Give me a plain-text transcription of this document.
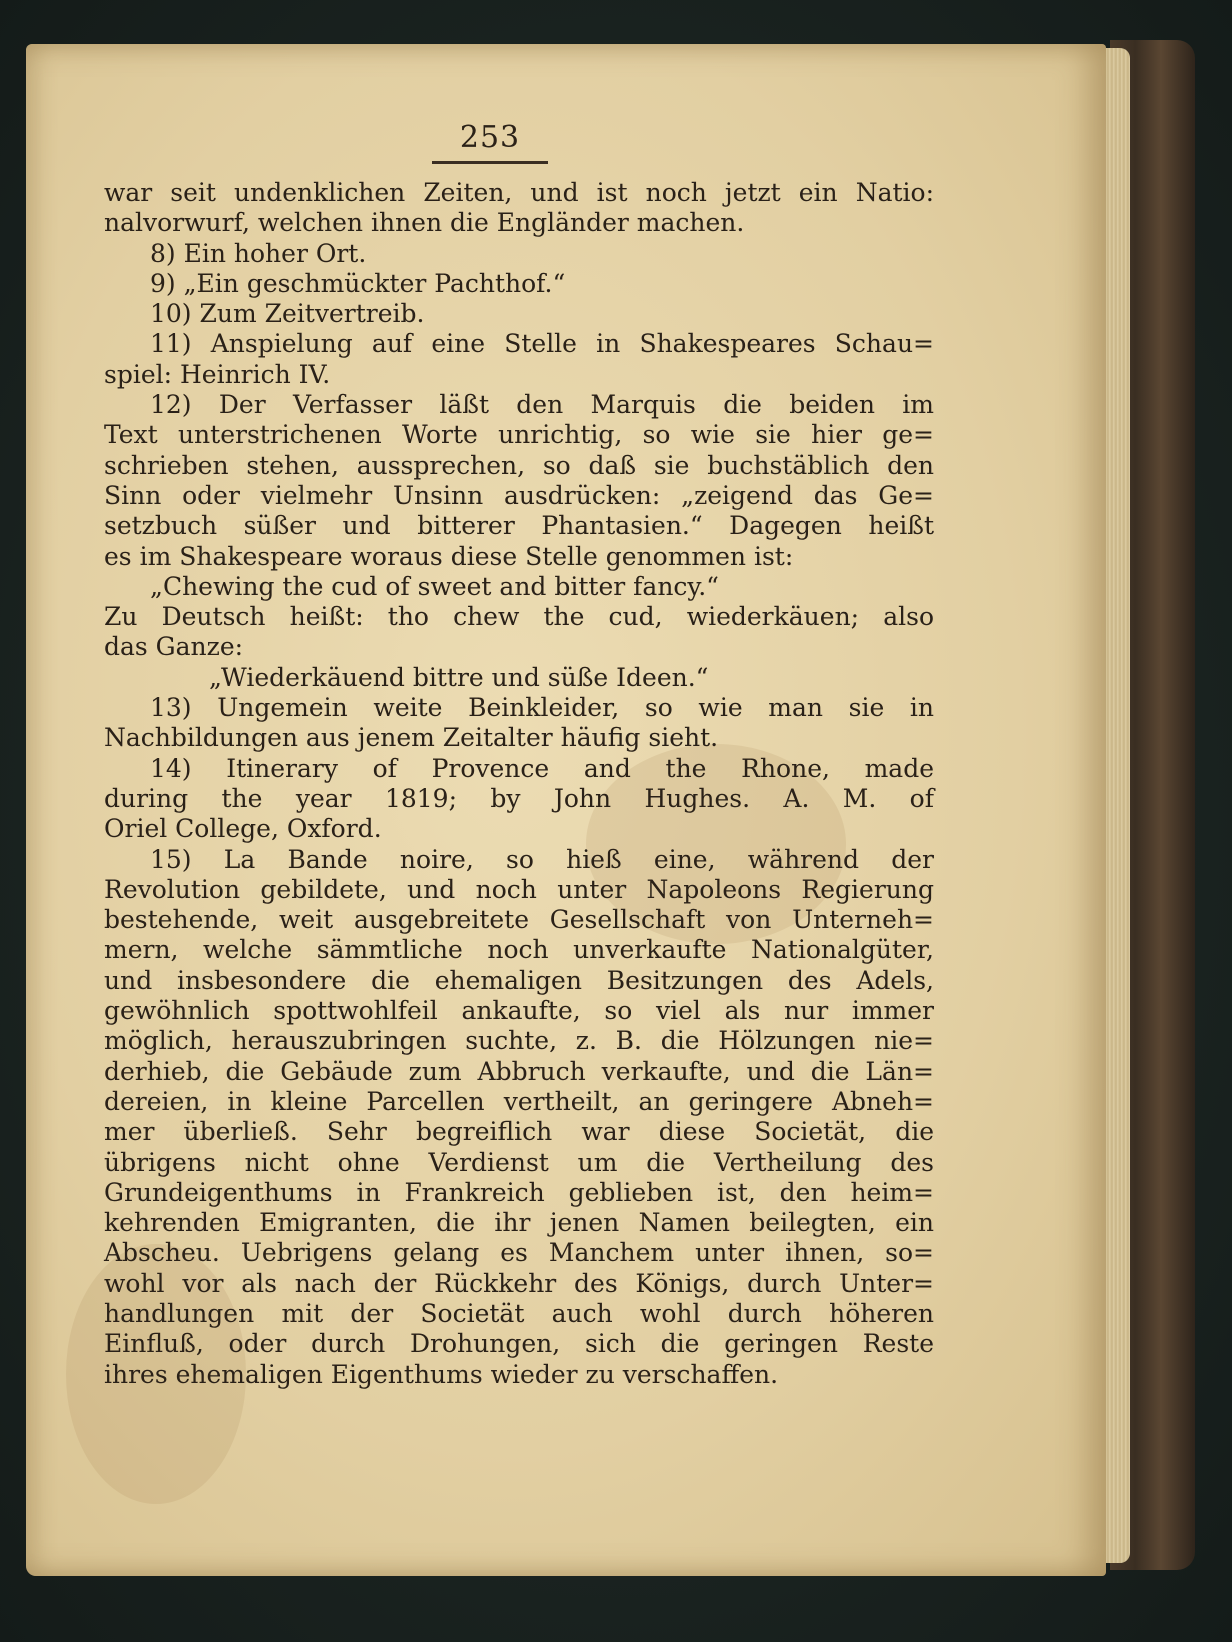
253
war seit undenklichen Zeiten, und ist noch jetzt ein Natio:
nalvorwurf, welchen ihnen die Engländer machen.
8) Ein hoher Ort.
9) „Ein geschmückter Pachthof.“
10) Zum Zeitvertreib.
11) Anspielung auf eine Stelle in Shakespeares Schau=
spiel: Heinrich IV.
12) Der Verfasser läßt den Marquis die beiden im
Text unterstrichenen Worte unrichtig, so wie sie hier ge=
schrieben stehen, aussprechen, so daß sie buchstäblich den
Sinn oder vielmehr Unsinn ausdrücken: „zeigend das Ge=
setzbuch süßer und bitterer Phantasien.“ Dagegen heißt
es im Shakespeare woraus diese Stelle genommen ist:
„Chewing the cud of sweet and bitter fancy.“
Zu Deutsch heißt: tho chew the cud, wiederkäuen; also
das Ganze:
„Wiederkäuend bittre und süße Ideen.“
13) Ungemein weite Beinkleider, so wie man sie in
Nachbildungen aus jenem Zeitalter häufig sieht.
14) Itinerary of Provence and the Rhone, made
during the year 1819; by John Hughes. A. M. of
Oriel College, Oxford.
15) La Bande noire, so hieß eine, während der
Revolution gebildete, und noch unter Napoleons Regierung
bestehende, weit ausgebreitete Gesellschaft von Unterneh=
mern, welche sämmtliche noch unverkaufte Nationalgüter,
und insbesondere die ehemaligen Besitzungen des Adels,
gewöhnlich spottwohlfeil ankaufte, so viel als nur immer
möglich, herauszubringen suchte, z. B. die Hölzungen nie=
derhieb, die Gebäude zum Abbruch verkaufte, und die Län=
dereien, in kleine Parcellen vertheilt, an geringere Abneh=
mer überließ. Sehr begreiflich war diese Societät, die
übrigens nicht ohne Verdienst um die Vertheilung des
Grundeigenthums in Frankreich geblieben ist, den heim=
kehrenden Emigranten, die ihr jenen Namen beilegten, ein
Abscheu. Uebrigens gelang es Manchem unter ihnen, so=
wohl vor als nach der Rückkehr des Königs, durch Unter=
handlungen mit der Societät auch wohl durch höheren
Einfluß, oder durch Drohungen, sich die geringen Reste
ihres ehemaligen Eigenthums wieder zu verschaffen.
